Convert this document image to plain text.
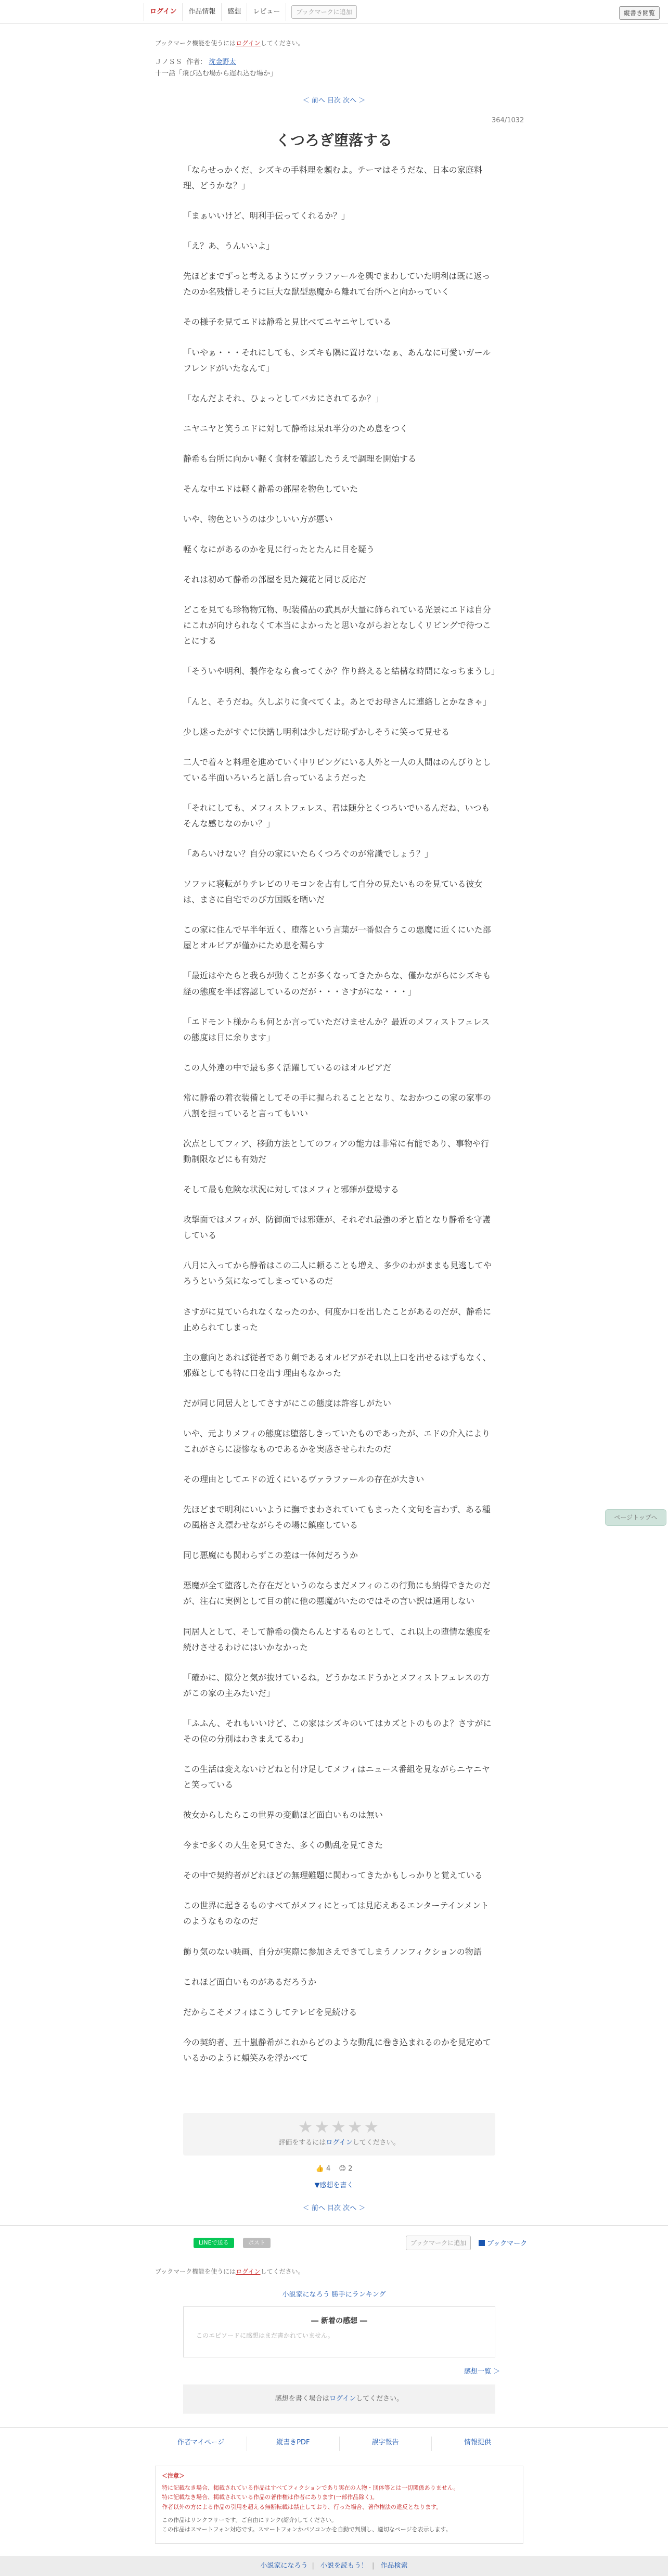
ログイン	作品情報	感想	レビュー	ブックマークに追加	縦書き閲覧
ブックマーク機能を使うにはログインしてください。
ＪノＳＳ 作者： 沈金野太
十一話「飛び込む場から遅れ込む場か」
＜ 前へ 目次 次へ ＞
364/1032
くつろぎ堕落する

「ならせっかくだ、シズキの手料理を頼むよ。テーマはそうだな、日本の家庭料理、どうかな？」

「まぁいいけど、明利手伝ってくれるか？」

「え？あ、うんいいよ」

先ほどまでずっと考えるようにヴァラファールを興でまわしていた明利は既に返ったのか名残惜しそうに巨大な獣型悪魔から離れて台所へと向かっていく

その様子を見てエドは静希と見比べてニヤニヤしている

「いやぁ・・・それにしても、シズキも隅に置けないなぁ、あんなに可愛いガールフレンドがいたなんて」

「なんだよそれ、ひょっとしてバカにされてるか？」

ニヤニヤと笑うエドに対して静希は呆れ半分のため息をつく

静希も台所に向かい軽く食材を確認したうえで調理を開始する

そんな中エドは軽く静希の部屋を物色していた

いや、物色というのは少しいい方が悪い

軽くなにがあるのかを見に行ったとたんに目を疑う

それは初めて静希の部屋を見た鏡花と同じ反応だ

どこを見ても珍物物冗物、呪装備品の武具が大量に飾られている光景にエドは自分にこれが向けられなくて本当によかったと思いながらおとなしくリビングで待つことにする

「そういや明利、製作をなら食ってくか？作り終えると結構な時間になっちまうし」

「んと、そうだね。久しぶりに食べてくよ。あとでお母さんに連絡しとかなきゃ」

少し迷ったがすぐに快諾し明利は少しだけ恥ずかしそうに笑って見せる

二人で着々と料理を進めていく中リビングにいる人外と一人の人間はのんびりとしている半面いろいろと話し合っているようだった

「それにしても、メフィストフェレス、君は随分とくつろいでいるんだね、いつもそんな感じなのかい？」

「あらいけない？自分の家にいたらくつろぐのが常識でしょう？」

ソファに寝転がりテレビのリモコンを占有して自分の見たいものを見ている彼女は、まさに自宅でのび方国販を晒いだ

この家に住んで早半年近く、堕落という言葉が一番似合うこの悪魔に近くにいた部屋とオルビアが僅かにため息を漏らす

「最近はやたらと我らが動くことが多くなってきたからな、僅かながらにシズキも経の態度を半ば容認しているのだが・・・さすがにな・・・」

「エドモント様からも何とか言っていただけませんか？最近のメフィストフェレスの態度は目に余ります」

この人外達の中で最も多く活躍しているのはオルビアだ

常に静希の着衣装備としてその手に握られることとなり、なおかつこの家の家事の八割を担っていると言ってもいい

次点としてフィア、移動方法としてのフィアの能力は非常に有能であり、事物や行動制限などにも有効だ

そして最も危険な状況に対してはメフィと邪薙が登場する

攻撃面ではメフィが、防御面では邪薙が、それぞれ最強の矛と盾となり静希を守護している

八月に入ってから静希はこの二人に頼ることも増え、多少のわがままも見逃してやろうという気になってしまっているのだ

さすがに見ていられなくなったのか、何度か口を出したことがあるのだが、静希に止められてしまった

主の意向とあれば従者であり剣であるオルビアがそれ以上口を出せるはずもなく、邪薙としても特に口を出す理由もなかった

だが同じ同居人としてさすがにこの態度は許容しがたい

いや、元よりメフィの態度は堕落しきっていたものであったが、エドの介入によりこれがさらに凄惨なものであるかを実感させられたのだ

その理由としてエドの近くにいるヴァラファールの存在が大きい

先ほどまで明利にいいように撫でまわされていてもまったく文句を言わず、ある種の風格さえ漂わせながらその場に鎮座している

同じ悪魔にも関わらずこの差は一体何だろうか

悪魔が全て堕落した存在だというのならまだメフィのこの行動にも納得できたのだが、注右に実例として目の前に他の悪魔がいたのではその言い訳は通用しない

同居人として、そして静希の僕たらんとするものとして、これ以上の堕情な態度を続けさせるわけにはいかなかった

「確かに、隙分と気が抜けているね。どうかなエドうかとメフィストフェレスの方がこの家の主みたいだ」

「ふふん、それもいいけど、この家はシズキのいてはカズとトのものよ？さすがにその位の分別はわきまえてるわ」

この生活は変えないけどねと付け足してメフィはニュース番組を見ながらニヤニヤと笑っている

彼女からしたらこの世界の変動ほど面白いものは無い

今まで多くの人生を見てきた、多くの動乱を見てきた

その中で契約者がどれほどの無理難題に関わってきたかもしっかりと覚えている

この世界に起きるものすべてがメフィにとっては見応えあるエンターテインメントのようなものなのだ

飾り気のない映画、自分が実際に参加さえできてしまうノンフィクションの物語

これほど面白いものがあるだろうか

だからこそメフィはこうしてテレビを見続ける

今の契約者、五十嵐静希がこれからどのような動乱に巻き込まれるのかを見定めているかのように頬笑みを浮かべて

ページトップへ
★★★★★
評価をするにはログインしてください。
👍 4 😊 2
▼感想を書く
＜ 前へ 目次 次へ ＞
LINEで送る	ポスト	ブックマークに追加	ブックマーク
ブックマーク機能を使うにはログインしてください。
小説家になろう 勝手にランキング
― 新着の感想 ―
このエピソードに感想はまだ書かれていません。
感想一覧 ＞
感想を書く場合はログインしてください。
作者マイページ	縦書きPDF	誤字報告	情報提供
＜注意＞
特に記載なき場合、掲載されている作品はすべてフィクションであり実在の人物・団体等とは一切関係ありません。
特に記載なき場合、掲載されている作品の著作権は作者にあります(一部作品除く)。
作者以外の方による作品の引用を超える無断転載は禁止しており、行った場合、著作権法の違反となります。
この作品はリンクフリーです。ご自由にリンク(紹介)してください。
この作品はスマートフォン対応です。スマートフォンかパソコンかを自動で判別し、適切なページを表示します。
小説家になろう | 小説を読もう！ | 作品検索
